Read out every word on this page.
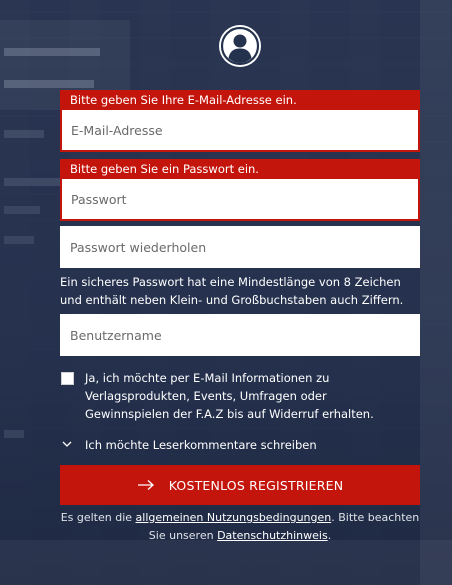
Bitte geben Sie Ihre E-Mail-Adresse ein.
E-Mail-Adresse
Bitte geben Sie ein Passwort ein.
Ein sicheres Passwort hat eine Mindestlänge von 8 Zeichen und enthält neben Klein- und Großbuchstaben auch Ziffern.
Benutzername
Ja, ich möchte per E-Mail Informationen zu Verlagsprodukten, Events, Umfragen oder Gewinnspielen der F.A.Z bis auf Widerruf erhalten.
Ich möchte Leserkommentare schreiben
KOSTENLOS REGISTRIEREN
Es gelten die allgemeinen Nutzungsbedingungen. Bitte beachten Sie unseren Datenschutzhinweis.
